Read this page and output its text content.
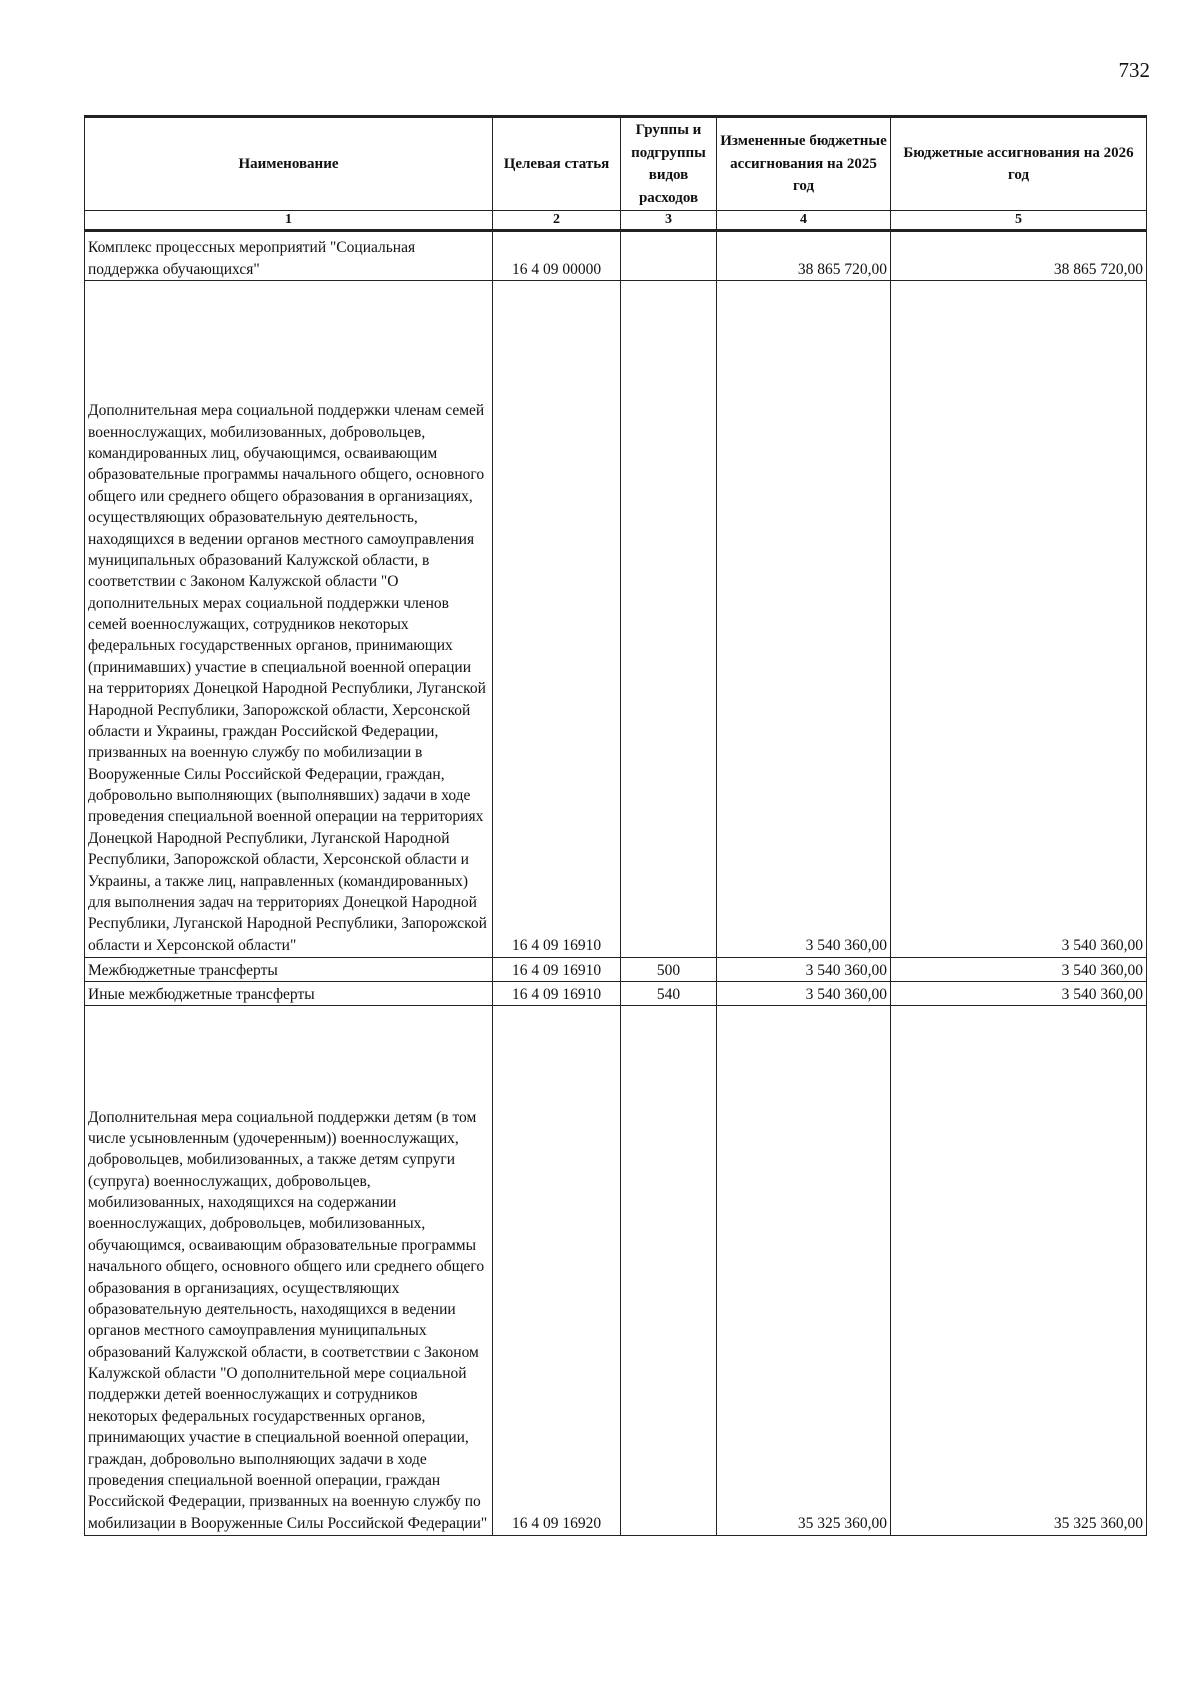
732
Наименование	Целевая статья	Группы и подгруппы видов расходов	Измененные бюджетные ассигнования на 2025 год	Бюджетные ассигнования на 2026 год
1	2	3	4	5
Комплекс процессных мероприятий "Социальная поддержка обучающихся"	16 4 09 00000		38 865 720,00	38 865 720,00
Дополнительная мера социальной поддержки членам семей военнослужащих, мобилизованных, добровольцев, командированных лиц, обучающимся, осваивающим образовательные программы начального общего, основного общего или среднего общего образования в организациях, осуществляющих образовательную деятельность, находящихся в ведении органов местного самоуправления муниципальных образований Калужской области, в соответствии с Законом Калужской области "О дополнительных мерах социальной поддержки членов семей военнослужащих, сотрудников некоторых федеральных государственных органов, принимающих (принимавших) участие в специальной военной операции на территориях Донецкой Народной Республики, Луганской Народной Республики, Запорожской области, Херсонской области и Украины, граждан Российской Федерации, призванных на военную службу по мобилизации в Вооруженные Силы Российской Федерации, граждан, добровольно выполняющих (выполнявших) задачи в ходе проведения специальной военной операции на территориях Донецкой Народной Республики, Луганской Народной Республики, Запорожской области, Херсонской области и Украины, а также лиц, направленных (командированных) для выполнения задач на территориях Донецкой Народной Республики, Луганской Народной Республики, Запорожской области и Херсонской области"	16 4 09 16910		3 540 360,00	3 540 360,00
Межбюджетные трансферты	16 4 09 16910	500	3 540 360,00	3 540 360,00
Иные межбюджетные трансферты	16 4 09 16910	540	3 540 360,00	3 540 360,00
Дополнительная мера социальной поддержки детям (в том числе усыновленным (удочеренным)) военнослужащих, добровольцев, мобилизованных, а также детям супруги (супруга) военнослужащих, добровольцев, мобилизованных, находящихся на содержании военнослужащих, добровольцев, мобилизованных, обучающимся, осваивающим образовательные программы начального общего, основного общего или среднего общего образования в организациях, осуществляющих образовательную деятельность, находящихся в ведении органов местного самоуправления муниципальных образований Калужской области, в соответствии с Законом Калужской области "О дополнительной мере социальной поддержки детей военнослужащих и сотрудников некоторых федеральных государственных органов, принимающих участие в специальной военной операции, граждан, добровольно выполняющих задачи в ходе проведения специальной военной операции, граждан Российской Федерации, призванных на военную службу по мобилизации в Вооруженные Силы Российской Федерации"	16 4 09 16920		35 325 360,00	35 325 360,00
